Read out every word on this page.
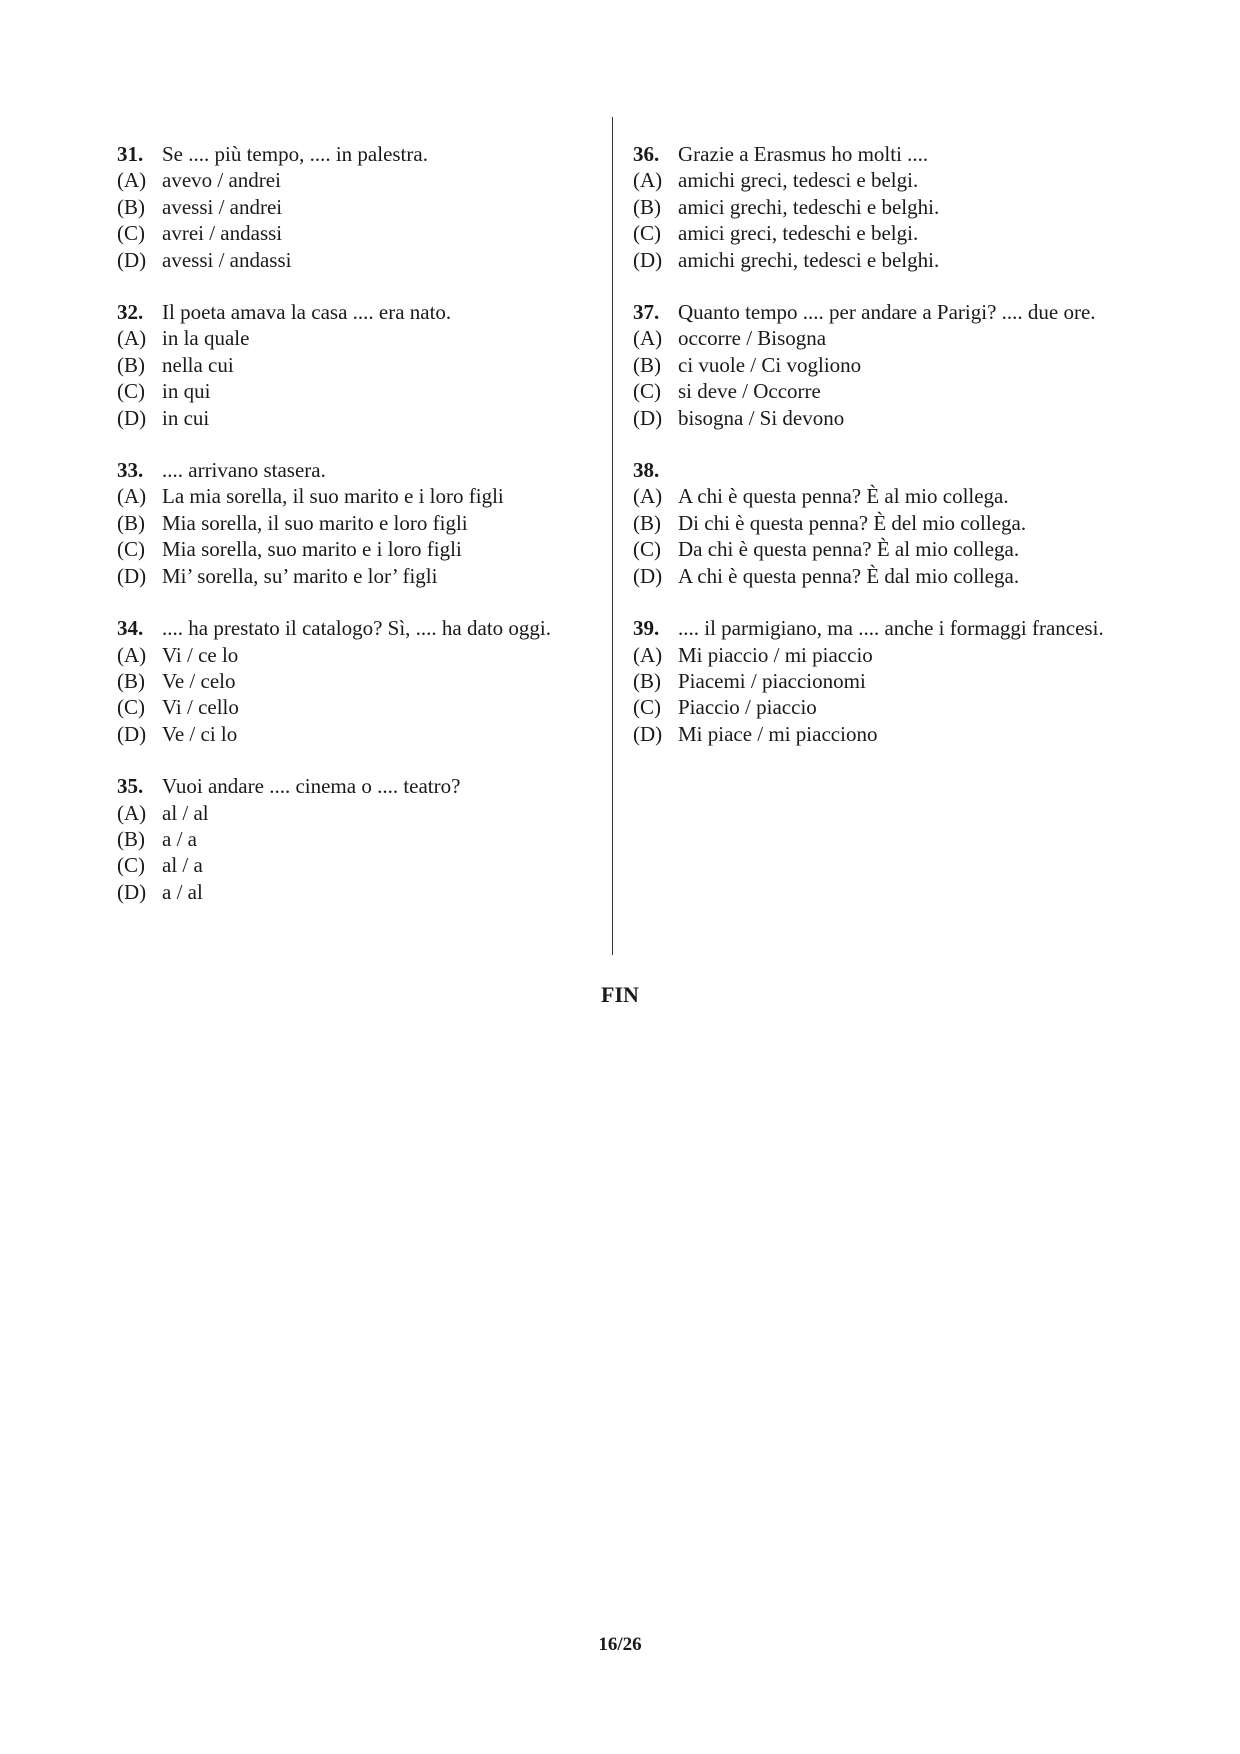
31. Se .... più tempo, .... in palestra.
(A) avevo / andrei
(B) avessi / andrei
(C) avrei / andassi
(D) avessi / andassi
32. Il poeta amava la casa .... era nato.
(A) in la quale
(B) nella cui
(C) in qui
(D) in cui
33. .... arrivano stasera.
(A) La mia sorella, il suo marito e i loro figli
(B) Mia sorella, il suo marito e loro figli
(C) Mia sorella, suo marito e i loro figli
(D) Mi’ sorella, su’ marito e lor’ figli
34. .... ha prestato il catalogo? Sì, .... ha dato oggi.
(A) Vi / ce lo
(B) Ve / celo
(C) Vi / cello
(D) Ve / ci lo
35. Vuoi andare .... cinema o .... teatro?
(A) al / al
(B) a / a
(C) al / a
(D) a / al
36. Grazie a Erasmus ho molti ....
(A) amichi greci, tedesci e belgi.
(B) amici grechi, tedeschi e belghi.
(C) amici greci, tedeschi e belgi.
(D) amichi grechi, tedesci e belghi.
37. Quanto tempo .... per andare a Parigi? .... due ore.
(A) occorre / Bisogna
(B) ci vuole / Ci vogliono
(C) si deve / Occorre
(D) bisogna / Si devono
38.
(A) A chi è questa penna? È al mio collega.
(B) Di chi è questa penna? È del mio collega.
(C) Da chi è questa penna? È al mio collega.
(D) A chi è questa penna? È dal mio collega.
39. .... il parmigiano, ma .... anche i formaggi francesi.
(A) Mi piaccio / mi piaccio
(B) Piacemi / piaccionomi
(C) Piaccio / piaccio
(D) Mi piace / mi piacciono
FIN
16/26
